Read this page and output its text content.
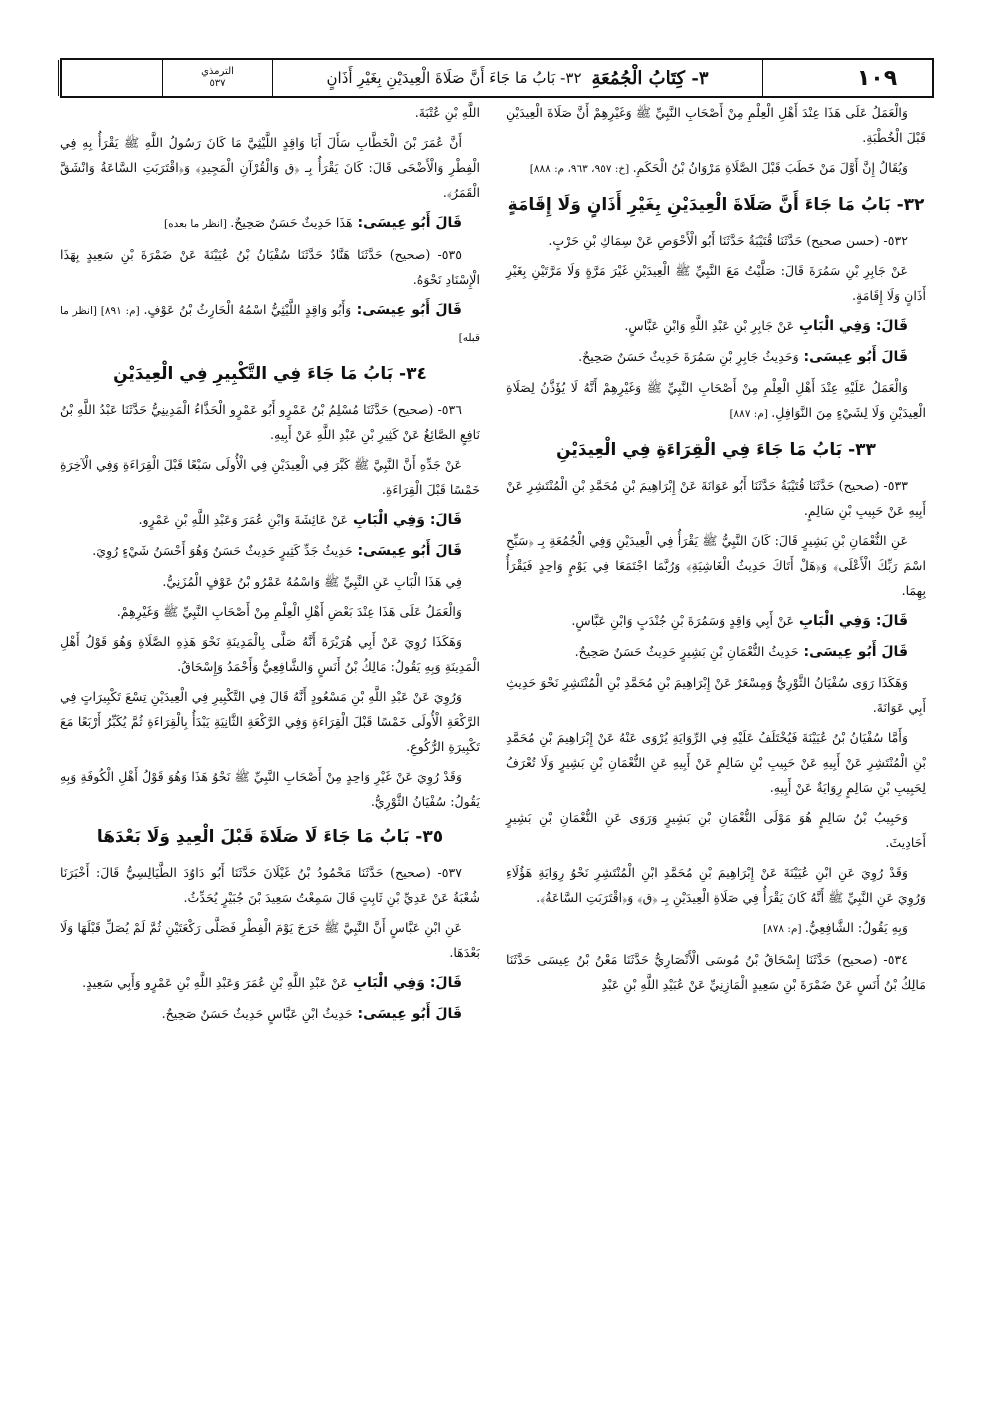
١٠٩
٣- كِتَابُ الْجُمُعَةِ
٣٢- بَابُ مَا جَاءَ أَنَّ صَلَاةَ الْعِيدَيْنِ بِغَيْرِ أَذَانٍ
الترمذي
٥٣٧

وَالْعَمَلُ عَلَى هَذَا عِنْدَ أَهْلِ الْعِلْمِ مِنْ أَصْحَابِ النَّبِيِّ ﷺ وَغَيْرِهِمْ أَنَّ صَلَاةَ الْعِيدَيْنِ قَبْلَ الْخُطْبَةِ.

وَيُقَالُ إِنَّ أَوَّلَ مَنْ خَطَبَ قَبْلَ الصَّلَاةِ مَرْوَانُ بْنُ الْحَكَمِ. [خ: ٩٥٧، ٩٦٣، م: ٨٨٨]

٣٢- بَابُ مَا جَاءَ أَنَّ صَلَاةَ الْعِيدَيْنِ بِغَيْرِ أَذَانٍ وَلَا إِقَامَةٍ

٥٣٢- (حسن صحيح) حَدَّثَنَا قُتَيْبَةُ حَدَّثَنَا أَبُو الْأَحْوَصِ عَنْ سِمَاكِ بْنِ حَرْبٍ.

عَنْ جَابِرِ بْنِ سَمُرَةَ قَالَ: صَلَّيْتُ مَعَ النَّبِيِّ ﷺ الْعِيدَيْنِ غَيْرَ مَرَّةٍ وَلَا مَرَّتَيْنِ بِغَيْرِ أَذَانٍ وَلَا إِقَامَةٍ.

قَالَ: وَفِي الْبَابِ عَنْ جَابِرِ بْنِ عَبْدِ اللَّهِ وَابْنِ عَبَّاسٍ.

قَالَ أَبُو عِيسَى: وَحَدِيثُ جَابِرِ بْنِ سَمُرَةَ حَدِيثٌ حَسَنٌ صَحِيحٌ.

وَالْعَمَلُ عَلَيْهِ عِنْدَ أَهْلِ الْعِلْمِ مِنْ أَصْحَابِ النَّبِيِّ ﷺ وَغَيْرِهِمْ أَنَّهُ لَا يُؤَذَّنُ لِصَلَاةِ الْعِيدَيْنِ وَلَا لِشَيْءٍ مِنَ النَّوَافِلِ. [م: ٨٨٧]

٣٣- بَابُ مَا جَاءَ فِي الْقِرَاءَةِ فِي الْعِيدَيْنِ

٥٣٣- (صحيح) حَدَّثَنَا قُتَيْبَةُ حَدَّثَنَا أَبُو عَوَانَةَ عَنْ إِبْرَاهِيمَ بْنِ مُحَمَّدِ بْنِ الْمُنْتَشِرِ عَنْ أَبِيهِ عَنْ حَبِيبِ بْنِ سَالِمٍ.

عَنِ النُّعْمَانِ بْنِ بَشِيرٍ قَالَ: كَانَ النَّبِيُّ ﷺ يَقْرَأُ فِي الْعِيدَيْنِ وَفِي الْجُمُعَةِ بِـ ﴿سَبِّحِ اسْمَ رَبِّكَ الْأَعْلَى﴾ وَ﴿هَلْ أَتَاكَ حَدِيثُ الْغَاشِيَةِ﴾ وَرُبَّمَا اجْتَمَعَا فِي يَوْمٍ وَاحِدٍ فَيَقْرَأُ بِهِمَا.

قَالَ: وَفِي الْبَابِ عَنْ أَبِي وَاقِدٍ وَسَمُرَةَ بْنِ جُنْدَبٍ وَابْنِ عَبَّاسٍ.

قَالَ أَبُو عِيسَى: حَدِيثُ النُّعْمَانِ بْنِ بَشِيرٍ حَدِيثٌ حَسَنٌ صَحِيحٌ.

وَهَكَذَا رَوَى سُفْيَانُ الثَّوْرِيُّ وَمِسْعَرٌ عَنْ إِبْرَاهِيمَ بْنِ مُحَمَّدِ بْنِ الْمُنْتَشِرِ نَحْوَ حَدِيثِ أَبِي عَوَانَةَ.

وَأَمَّا سُفْيَانُ بْنُ عُيَيْنَةَ فَيُخْتَلَفُ عَلَيْهِ فِي الرِّوَايَةِ يُرْوَى عَنْهُ عَنْ إِبْرَاهِيمَ بْنِ مُحَمَّدِ بْنِ الْمُنْتَشِرِ عَنْ أَبِيهِ عَنْ حَبِيبِ بْنِ سَالِمٍ عَنْ أَبِيهِ عَنِ النُّعْمَانِ بْنِ بَشِيرٍ وَلَا تُعْرَفُ لِحَبِيبِ بْنِ سَالِمٍ رِوَايَةٌ عَنْ أَبِيهِ.

وَحَبِيبُ بْنُ سَالِمٍ هُوَ مَوْلَى النُّعْمَانِ بْنِ بَشِيرٍ وَرَوَى عَنِ النُّعْمَانِ بْنِ بَشِيرٍ أَحَادِيثَ.

وَقَدْ رُوِيَ عَنِ ابْنِ عُيَيْنَةَ عَنْ إِبْرَاهِيمَ بْنِ مُحَمَّدِ ابْنِ الْمُنْتَشِرِ نَحْوُ رِوَايَةِ هَؤُلَاءِ وَرُوِيَ عَنِ النَّبِيِّ ﷺ أَنَّهُ كَانَ يَقْرَأُ فِي صَلَاةِ الْعِيدَيْنِ بِـ ﴿ق﴾ وَ﴿اقْتَرَبَتِ السَّاعَةُ﴾.

وَبِهِ يَقُولُ: الشَّافِعِيُّ. [م: ٨٧٨]

٥٣٤- (صحيح) حَدَّثَنَا إِسْحَاقُ بْنُ مُوسَى الْأَنْصَارِيُّ حَدَّثَنَا مَعْنُ بْنُ عِيسَى حَدَّثَنَا مَالِكُ بْنُ أَنَسٍ عَنْ ضَمْرَةَ بْنِ سَعِيدٍ الْمَازِنِيِّ عَنْ عُبَيْدِ اللَّهِ بْنِ عَبْدِ

اللَّهِ بْنِ عُتْبَةَ.

أَنَّ عُمَرَ بْنَ الْخَطَّابِ سَأَلَ أَبَا وَاقِدٍ اللَّيْثِيَّ مَا كَانَ رَسُولُ اللَّهِ ﷺ يَقْرَأُ بِهِ فِي الْفِطْرِ وَالْأَضْحَى قَالَ: كَانَ يَقْرَأُ بِـ ﴿ق وَالْقُرْآنِ الْمَجِيدِ﴾ وَ﴿اقْتَرَبَتِ السَّاعَةُ وَانْشَقَّ الْقَمَرُ﴾.

قَالَ أَبُو عِيسَى: هَذَا حَدِيثٌ حَسَنٌ صَحِيحٌ. [انظر ما بعده]

٥٣٥- (صحيح) حَدَّثَنَا هَنَّادٌ حَدَّثَنَا سُفْيَانُ بْنُ عُيَيْنَةَ عَنْ ضَمْرَةَ بْنِ سَعِيدٍ بِهَذَا الْإِسْنَادِ نَحْوَهُ.

قَالَ أَبُو عِيسَى: وَأَبُو وَاقِدٍ اللَّيْثِيُّ اسْمُهُ الْحَارِثُ بْنُ عَوْفٍ. [م: ٨٩١] [انظر ما قبله]

٣٤- بَابُ مَا جَاءَ فِي التَّكْبِيرِ فِي الْعِيدَيْنِ

٥٣٦- (صحيح) حَدَّثَنَا مُسْلِمُ بْنُ عَمْرٍو أَبُو عَمْرٍو الْحَذَّاءُ الْمَدِينِيُّ حَدَّثَنَا عَبْدُ اللَّهِ بْنُ نَافِعٍ الصَّائِغُ عَنْ كَثِيرِ بْنِ عَبْدِ اللَّهِ عَنْ أَبِيهِ.

عَنْ جَدِّهِ أَنَّ النَّبِيَّ ﷺ كَبَّرَ فِي الْعِيدَيْنِ فِي الْأُولَى سَبْعًا قَبْلَ الْقِرَاءَةِ وَفِي الْآخِرَةِ خَمْسًا قَبْلَ الْقِرَاءَةِ.

قَالَ: وَفِي الْبَابِ عَنْ عَائِشَةَ وَابْنِ عُمَرَ وَعَبْدِ اللَّهِ بْنِ عَمْرٍو.

قَالَ أَبُو عِيسَى: حَدِيثُ جَدِّ كَثِيرٍ حَدِيثٌ حَسَنٌ وَهُوَ أَحْسَنُ شَيْءٍ رُوِيَ.

فِي هَذَا الْبَابِ عَنِ النَّبِيِّ ﷺ وَاسْمُهُ عَمْرُو بْنُ عَوْفٍ الْمُزَنِيُّ.

وَالْعَمَلُ عَلَى هَذَا عِنْدَ بَعْضِ أَهْلِ الْعِلْمِ مِنْ أَصْحَابِ النَّبِيِّ ﷺ وَغَيْرِهِمْ.

وَهَكَذَا رُوِيَ عَنْ أَبِي هُرَيْرَةَ أَنَّهُ صَلَّى بِالْمَدِينَةِ نَحْوَ هَذِهِ الصَّلَاةِ وَهُوَ قَوْلُ أَهْلِ الْمَدِينَةِ وَبِهِ يَقُولُ: مَالِكُ بْنُ أَنَسٍ وَالشَّافِعِيُّ وَأَحْمَدُ وَإِسْحَاقُ.

وَرُوِيَ عَنْ عَبْدِ اللَّهِ بْنِ مَسْعُودٍ أَنَّهُ قَالَ فِي التَّكْبِيرِ فِي الْعِيدَيْنِ تِسْعَ تَكْبِيرَاتٍ فِي الرَّكْعَةِ الْأُولَى خَمْسًا قَبْلَ الْقِرَاءَةِ وَفِي الرَّكْعَةِ الثَّانِيَةِ يَبْدَأُ بِالْقِرَاءَةِ ثُمَّ يُكَبِّرُ أَرْبَعًا مَعَ تَكْبِيرَةِ الرُّكُوعِ.

وَقَدْ رُوِيَ عَنْ غَيْرِ وَاحِدٍ مِنْ أَصْحَابِ النَّبِيِّ ﷺ نَحْوُ هَذَا وَهُوَ قَوْلُ أَهْلِ الْكُوفَةِ وَبِهِ يَقُولُ: سُفْيَانُ الثَّوْرِيُّ.

٣٥- بَابُ مَا جَاءَ لَا صَلَاةَ قَبْلَ الْعِيدِ وَلَا بَعْدَهَا

٥٣٧- (صحيح) حَدَّثَنَا مَحْمُودُ بْنُ غَيْلَانَ حَدَّثَنَا أَبُو دَاوُدَ الطَّيَالِسِيُّ قَالَ: أَخْبَرَنَا شُعْبَةُ عَنْ عَدِيِّ بْنِ ثَابِتٍ قَالَ سَمِعْتُ سَعِيدَ بْنَ جُبَيْرٍ يُحَدِّثُ.

عَنِ ابْنِ عَبَّاسٍ أَنَّ النَّبِيَّ ﷺ خَرَجَ يَوْمَ الْفِطْرِ فَصَلَّى رَكْعَتَيْنِ ثُمَّ لَمْ يُصَلِّ قَبْلَهَا وَلَا بَعْدَهَا.

قَالَ: وَفِي الْبَابِ عَنْ عَبْدِ اللَّهِ بْنِ عُمَرَ وَعَبْدِ اللَّهِ بْنِ عَمْرٍو وَأَبِي سَعِيدٍ.

قَالَ أَبُو عِيسَى: حَدِيثُ ابْنِ عَبَّاسٍ حَدِيثٌ حَسَنٌ صَحِيحٌ.
